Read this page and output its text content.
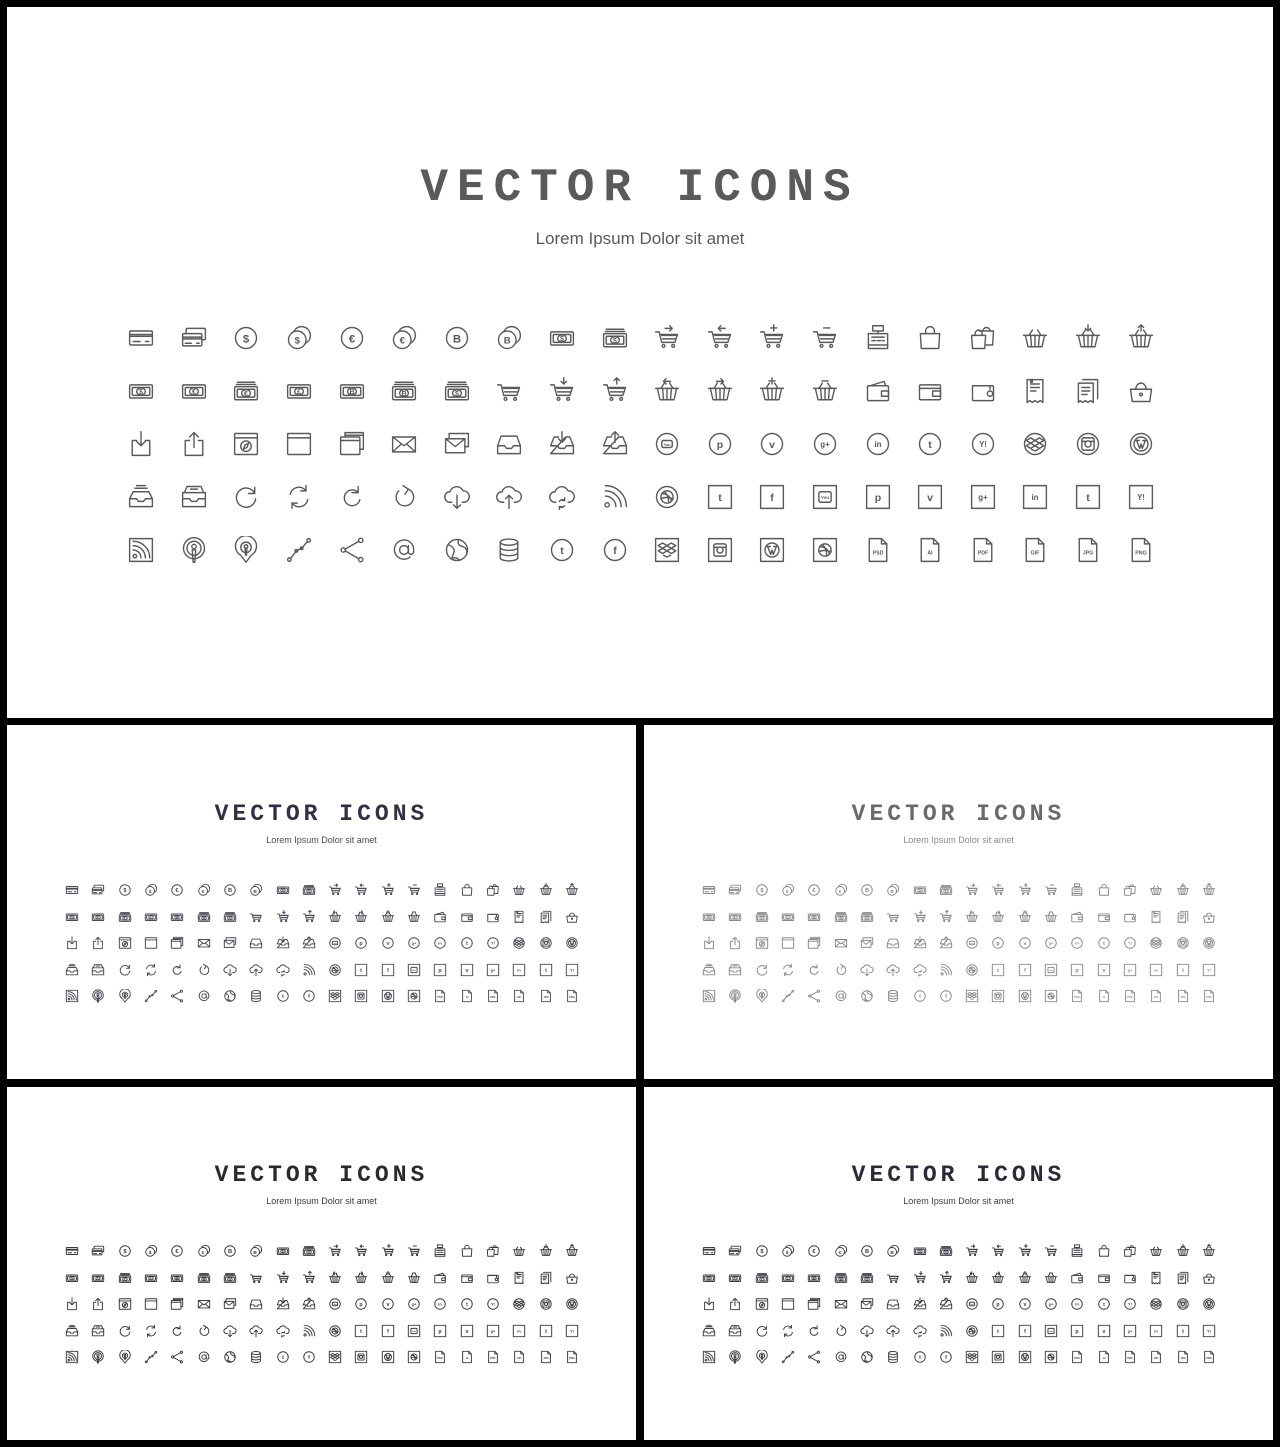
VECTOR ICONS
Lorem Ipsum Dolor sit amet
$	$	€	€	B	B	$	$
$	€	€	£	B	B	$
You	p	v	g+	in	t	Y!
t	f	You	p	v	g+	in	t	Y!
t	f	PSD	AI	PDF	GIF	JPG	PNG
VECTOR ICONS
Lorem Ipsum Dolor sit amet
$ $ € € B B	$	$
$	€	€	£	B	B	$
You p v g+ in t	Y!
t f	You p v g+ in t	Y!
t f	PSD	AI	PDF	GIF	JPG	PNG
VECTOR ICONS
Lorem Ipsum Dolor sit amet
$ $ € € B B	$	$
$	€	€	£	B	B	$
You p v g+ in t	Y!
t f	You p v g+ in t	Y!
t f	PSD	AI	PDF	GIF	JPG	PNG
VECTOR ICONS
Lorem Ipsum Dolor sit amet
$ $ € € B B	$	$
$	€	€	£	B	B	$
You p v g+ in t	Y!
t f	You p v g+ in t	Y!
t f	PSD	AI	PDF	GIF	JPG	PNG
VECTOR ICONS
Lorem Ipsum Dolor sit amet
$ $ € € B B	$	$
$	€	€	£	B	B	$
You p v g+ in t	Y!
t f	You p v g+ in t	Y!
t f	PSD	AI	PDF	GIF	JPG	PNG
